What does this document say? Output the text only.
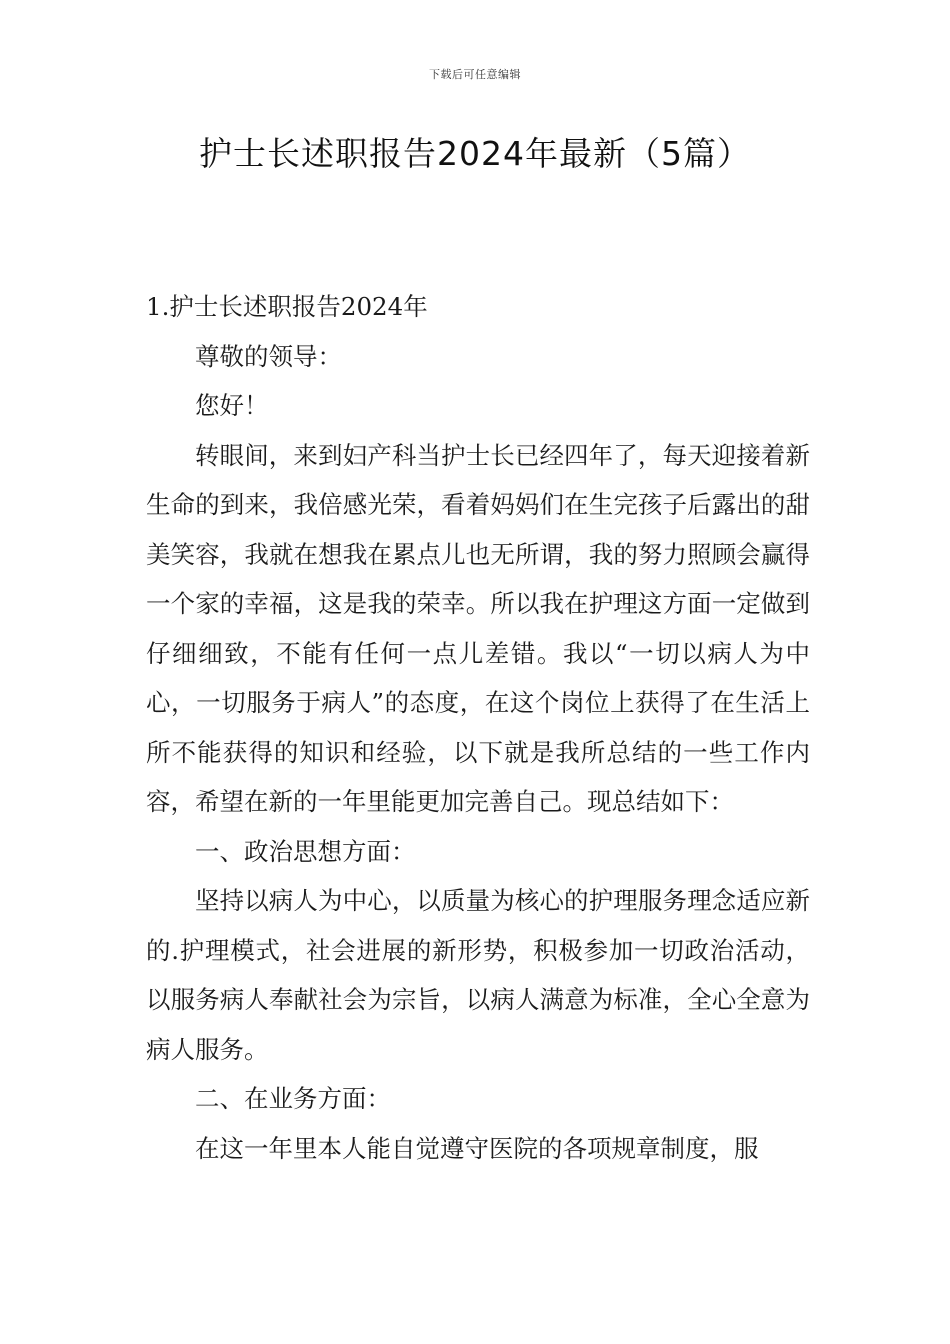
下载后可任意编辑
护士长述职报告2024年最新（5篇）

1.护士长述职报告2024年

尊敬的领导：

您好！

转眼间，来到妇产科当护士长已经四年了，每天迎接着新生命的到来，我倍感光荣，看着妈妈们在生完孩子后露出的甜美笑容，我就在想我在累点儿也无所谓，我的努力照顾会赢得一个家的幸福，这是我的荣幸。所以我在护理这方面一定做到仔细细致，不能有任何一点儿差错。我以“一切以病人为中心，一切服务于病人”的态度，在这个岗位上获得了在生活上所不能获得的知识和经验，以下就是我所总结的一些工作内容，希望在新的一年里能更加完善自己。现总结如下：

一、政治思想方面：

坚持以病人为中心，以质量为核心的护理服务理念适应新的.护理模式，社会进展的新形势，积极参加一切政治活动，以服务病人奉献社会为宗旨，以病人满意为标准，全心全意为病人服务。

二、在业务方面：

在这一年里本人能自觉遵守医院的各项规章制度，服
